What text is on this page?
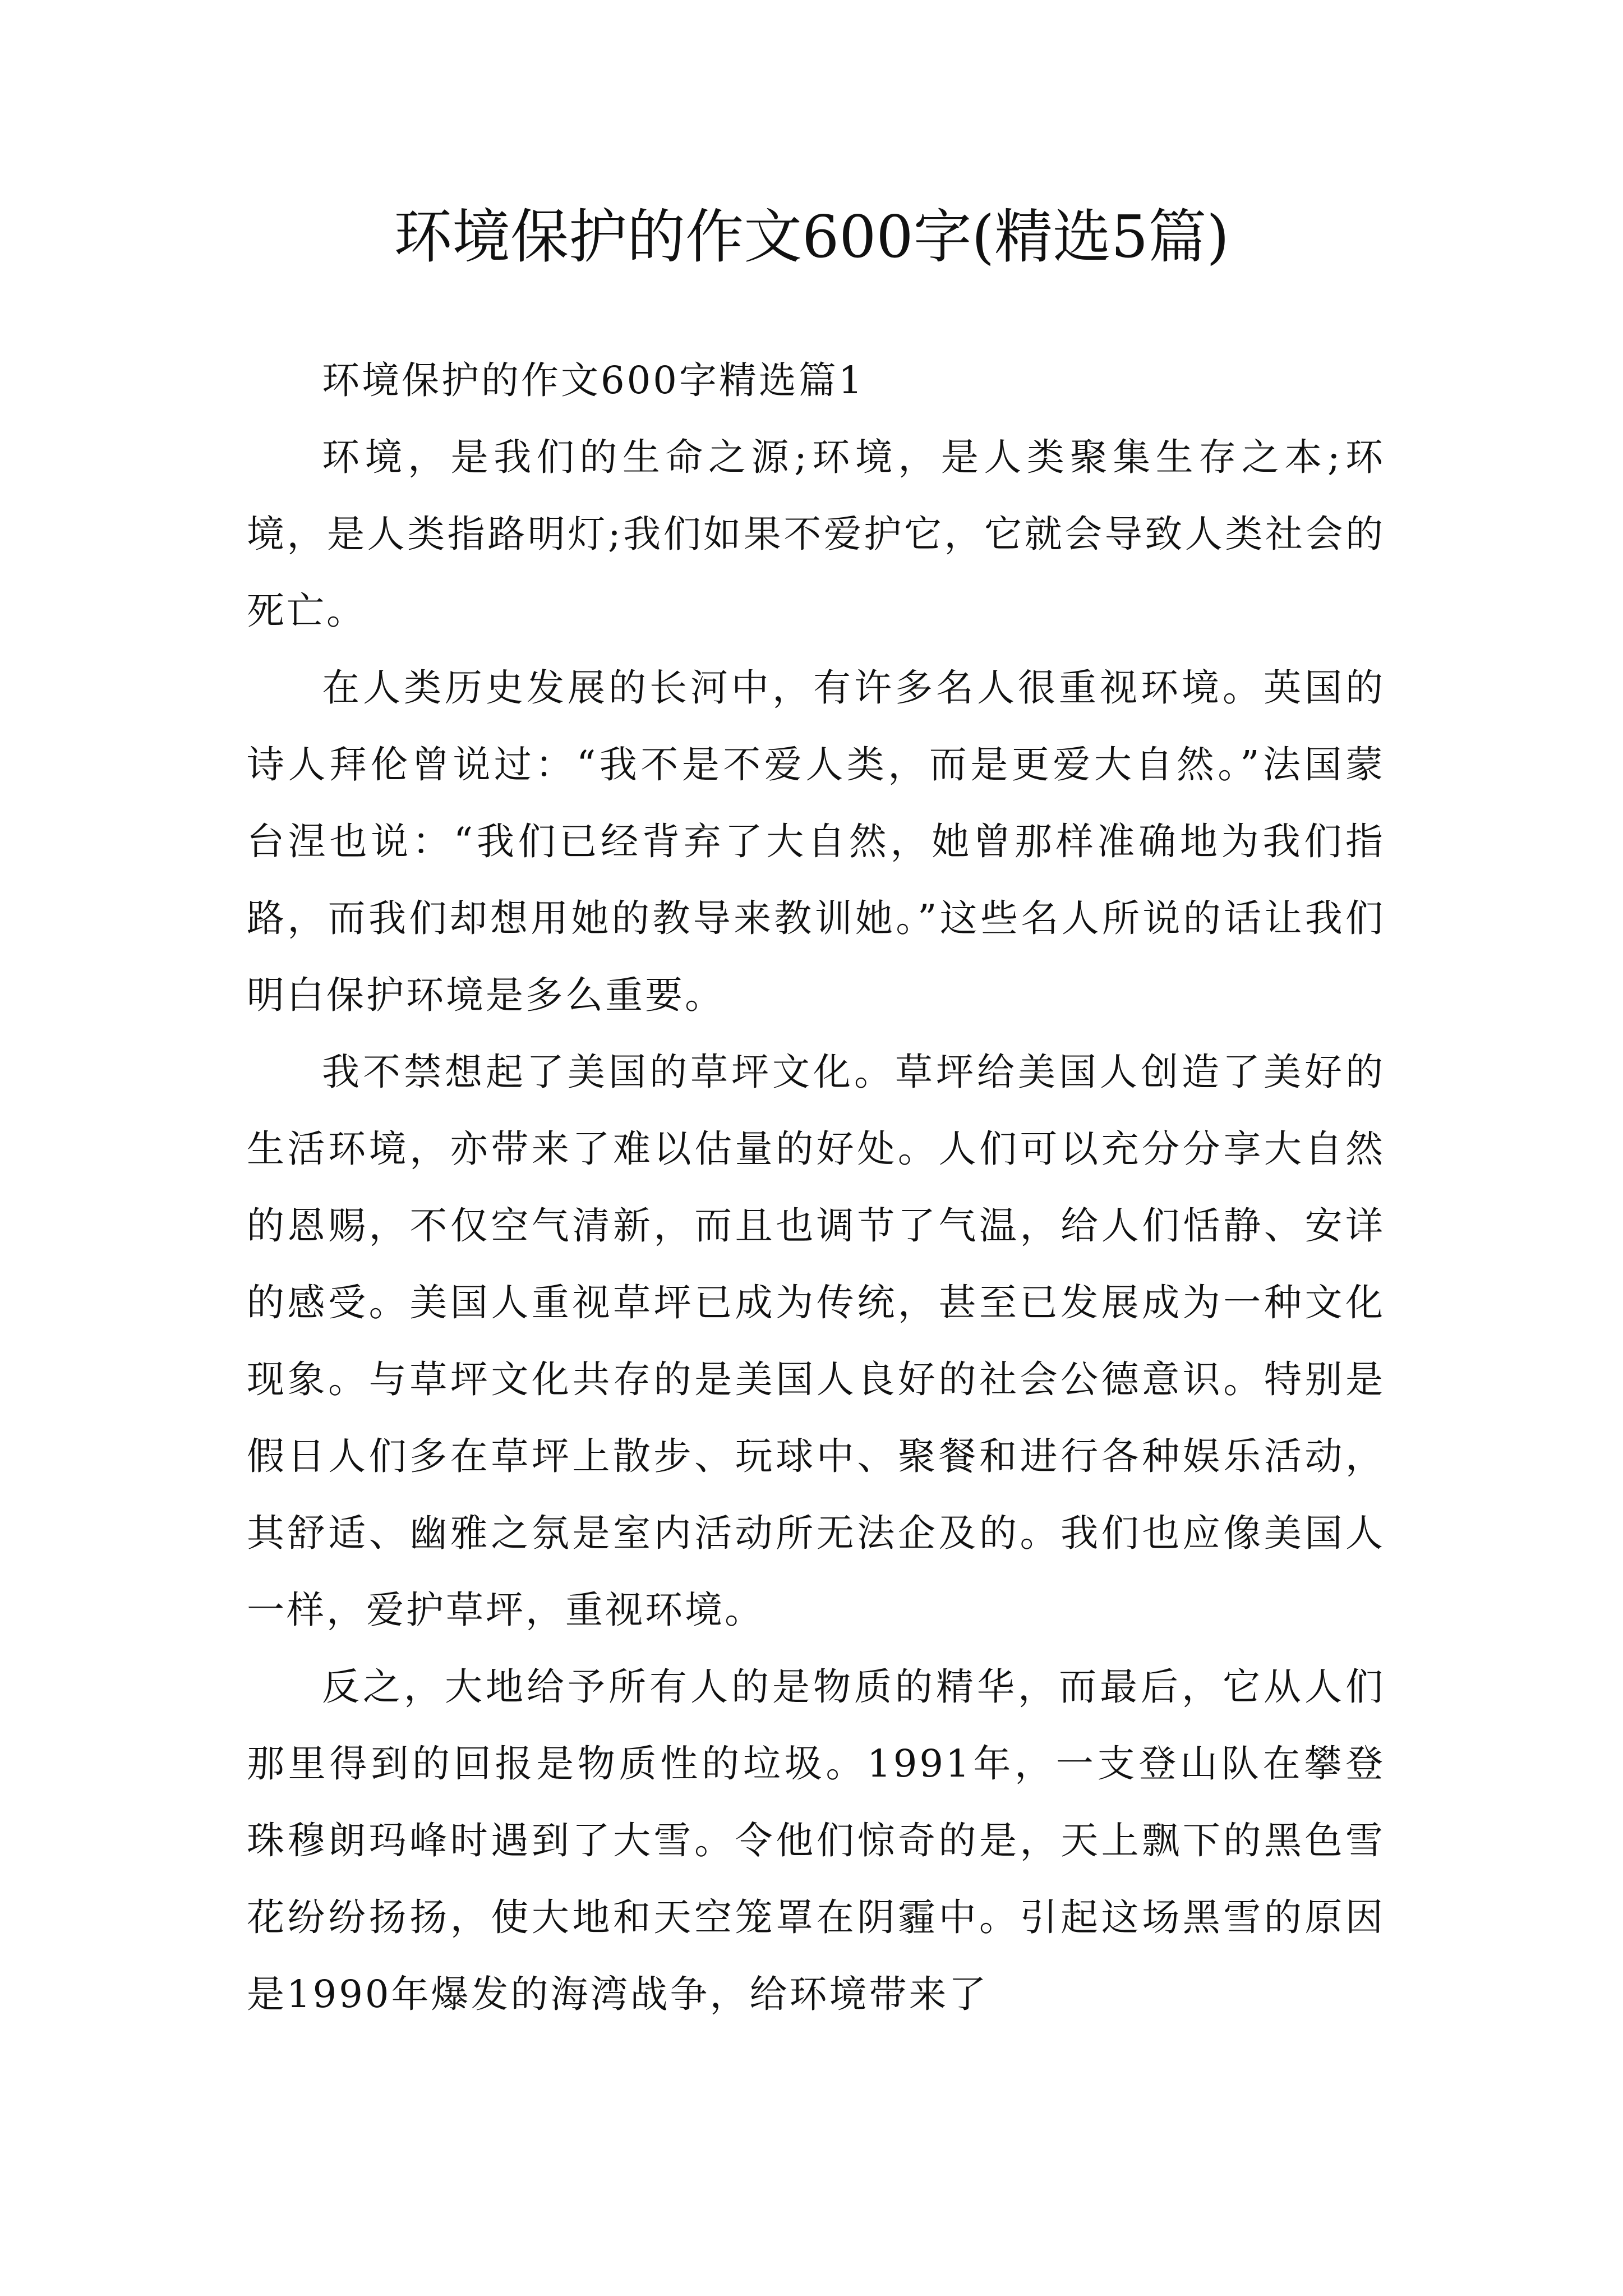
环境保护的作文600字(精选5篇)

环境保护的作文600字精选篇1

环境，是我们的生命之源;环境，是人类聚集生存之本;环境，是人类指路明灯;我们如果不爱护它，它就会导致人类社会的死亡。

在人类历史发展的长河中，有许多名人很重视环境。英国的诗人拜伦曾说过：“我不是不爱人类，而是更爱大自然。”法国蒙台涅也说：“我们已经背弃了大自然，她曾那样准确地为我们指路，而我们却想用她的教导来教训她。”这些名人所说的话让我们明白保护环境是多么重要。

我不禁想起了美国的草坪文化。草坪给美国人创造了美好的生活环境，亦带来了难以估量的好处。人们可以充分分享大自然的恩赐，不仅空气清新，而且也调节了气温，给人们恬静、安详的感受。美国人重视草坪已成为传统，甚至已发展成为一种文化现象。与草坪文化共存的是美国人良好的社会公德意识。特别是假日人们多在草坪上散步、玩球中、聚餐和进行各种娱乐活动，其舒适、幽雅之氛是室内活动所无法企及的。我们也应像美国人一样，爱护草坪，重视环境。

反之，大地给予所有人的是物质的精华，而最后，它从人们那里得到的回报是物质性的垃圾。1991年，一支登山队在攀登珠穆朗玛峰时遇到了大雪。令他们惊奇的是，天上飘下的黑色雪花纷纷扬扬，使大地和天空笼罩在阴霾中。引起这场黑雪的原因是1990年爆发的海湾战争，给环境带来了
